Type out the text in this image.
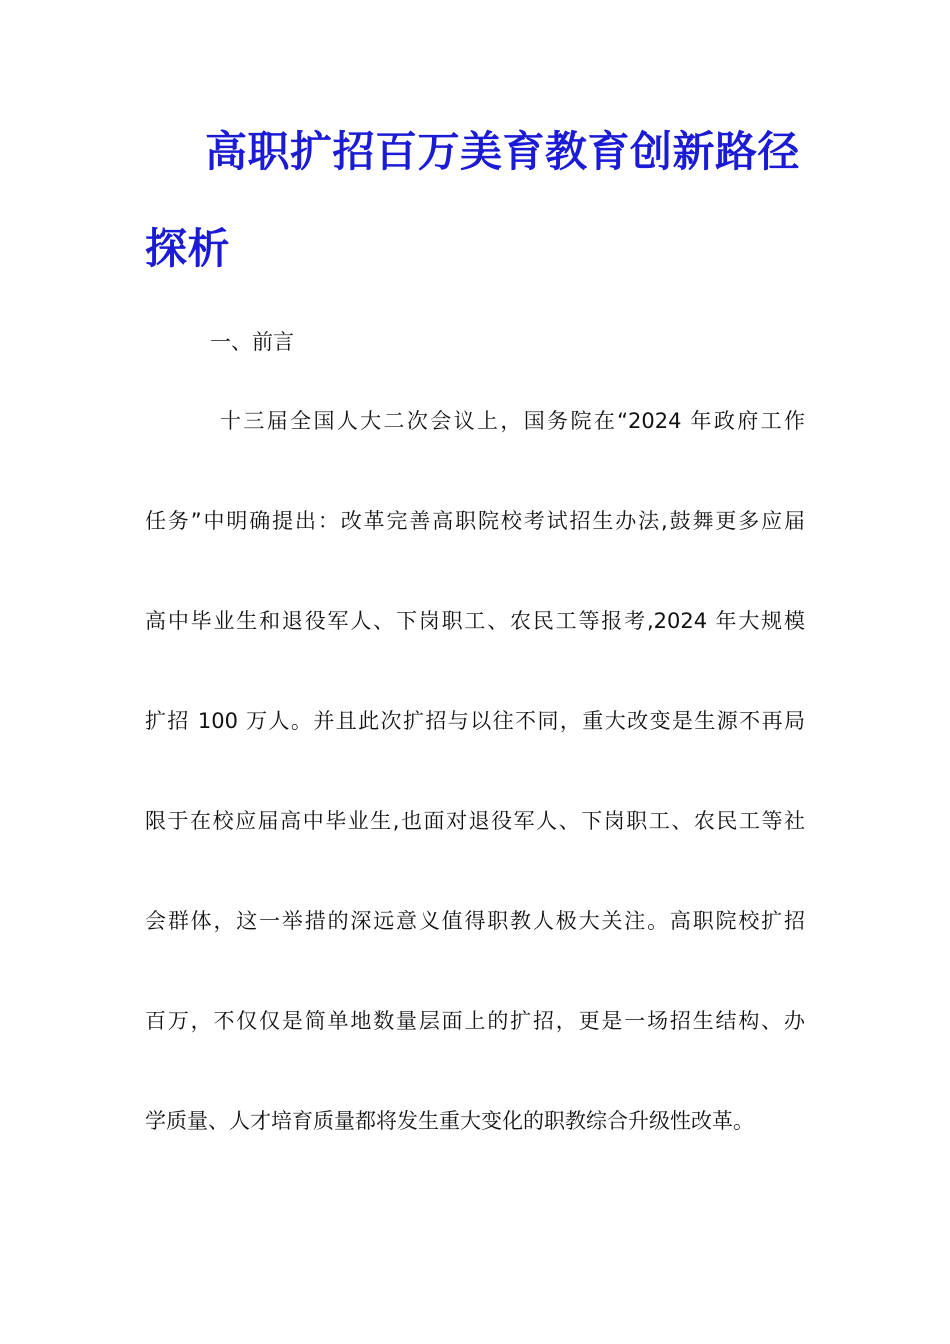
高职扩招百万美育教育创新路径
探析
一、前言
十三届全国人大二次会议上，国务院在“2024 年政府工作
任务”中明确提出：改革完善高职院校考试招生办法,鼓舞更多应届
高中毕业生和退役军人、下岗职工、农民工等报考,2024 年大规模
扩招 100 万人。并且此次扩招与以往不同，重大改变是生源不再局
限于在校应届高中毕业生,也面对退役军人、下岗职工、农民工等社
会群体，这一举措的深远意义值得职教人极大关注。高职院校扩招
百万，不仅仅是简单地数量层面上的扩招，更是一场招生结构、办
学质量、人才培育质量都将发生重大变化的职教综合升级性改革。
